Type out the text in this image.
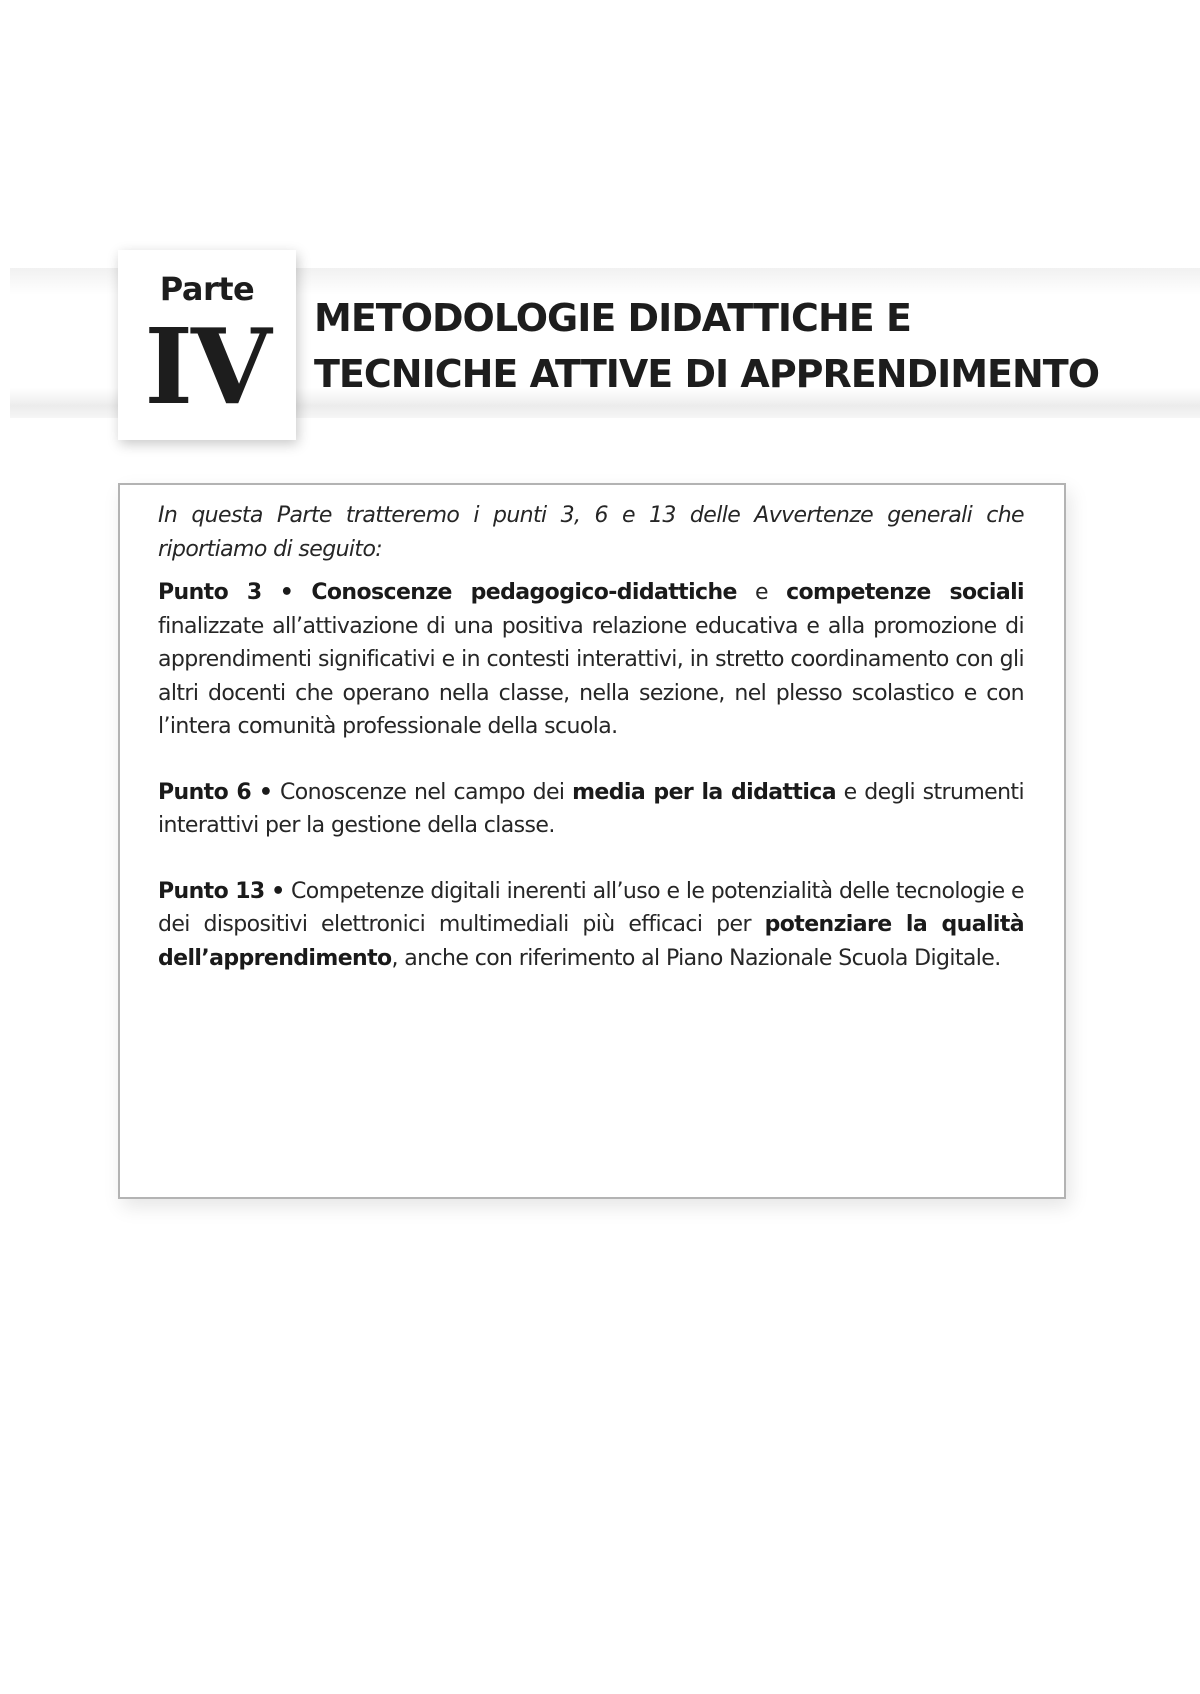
Parte
IV	METODOLOGIE DIDATTICHE E
TECNICHE ATTIVE DI APPRENDIMENTO

In questa Parte tratteremo i punti 3, 6 e 13 delle Avvertenze generali che riportiamo di seguito:

Punto 3 • Conoscenze pedagogico-didattiche e competenze sociali finalizzate all’attivazione di una positiva relazione educativa e alla promozione di apprendimenti significativi e in contesti interattivi, in stretto coordinamento con gli altri docenti che operano nella classe, nella sezione, nel plesso scolastico e con l’intera comunità professionale della scuola.

Punto 6 • Conoscenze nel campo dei media per la didattica e degli strumenti interattivi per la gestione della classe.

Punto 13 • Competenze digitali inerenti all’uso e le potenzialità delle tecnologie e dei dispositivi elettronici multimediali più efficaci per potenziare la qualità dell’apprendimento, anche con riferimento al Piano Nazionale Scuola Digitale.
